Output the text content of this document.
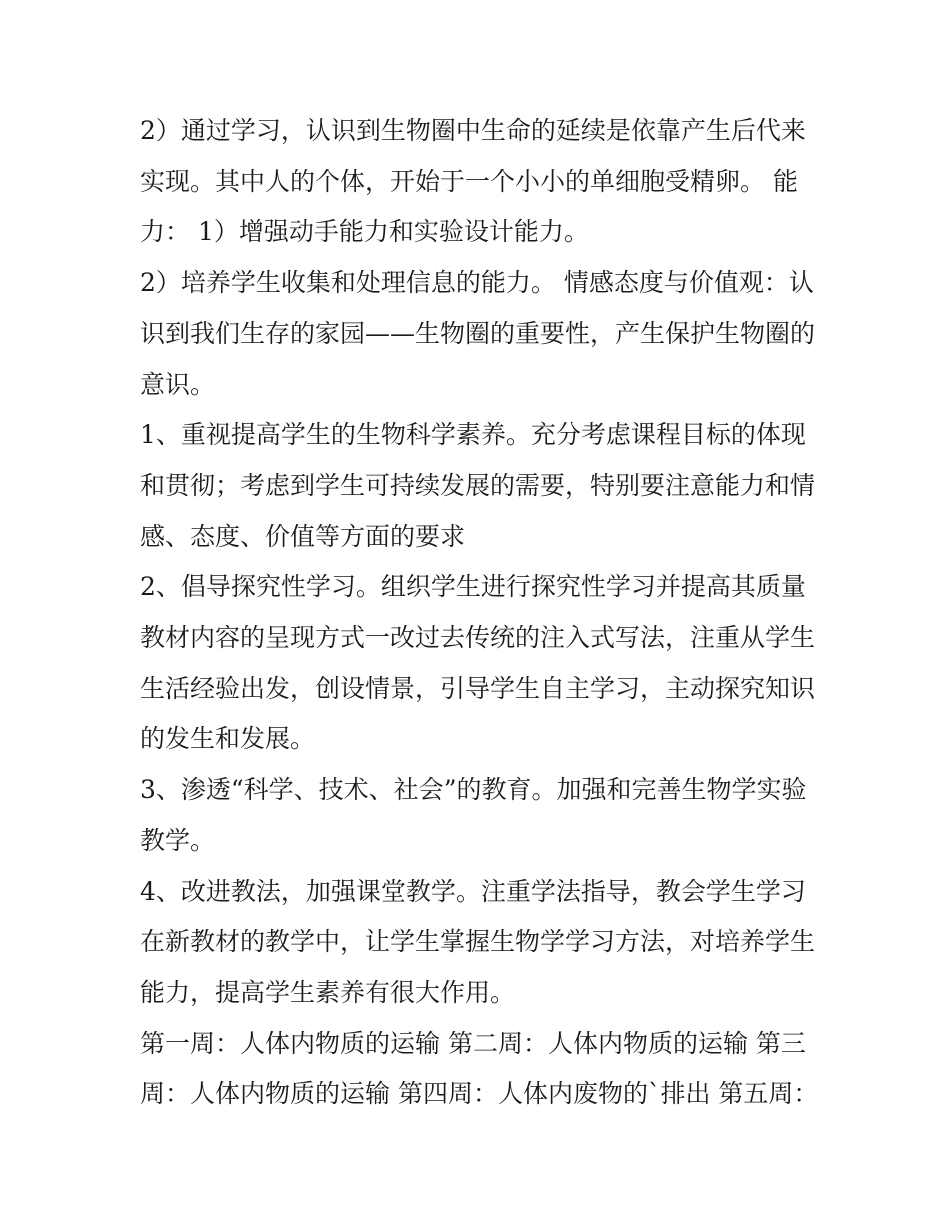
2）通过学习，认识到生物圈中生命的延续是依靠产生后代来实现。其中人的个体，开始于一个小小的单细胞受精卵。 能力： 1）增强动手能力和实验设计能力。

2）培养学生收集和处理信息的能力。 情感态度与价值观：认识到我们生存的家园——生物圈的重要性，产生保护生物圈的意识。

1、重视提高学生的生物科学素养。充分考虑课程目标的体现和贯彻；考虑到学生可持续发展的需要，特别要注意能力和情感、态度、价值等方面的要求

2、倡导探究性学习。组织学生进行探究性学习并提高其质量教材内容的呈现方式一改过去传统的注入式写法，注重从学生生活经验出发，创设情景，引导学生自主学习，主动探究知识的发生和发展。

3、渗透“科学、技术、社会”的教育。加强和完善生物学实验教学。

4、改进教法，加强课堂教学。注重学法指导，教会学生学习在新教材的教学中，让学生掌握生物学学习方法，对培养学生能力，提高学生素养有很大作用。

第一周：人体内物质的运输 第二周：人体内物质的运输 第三周：人体内物质的运输 第四周：人体内废物的`排出 第五周：
